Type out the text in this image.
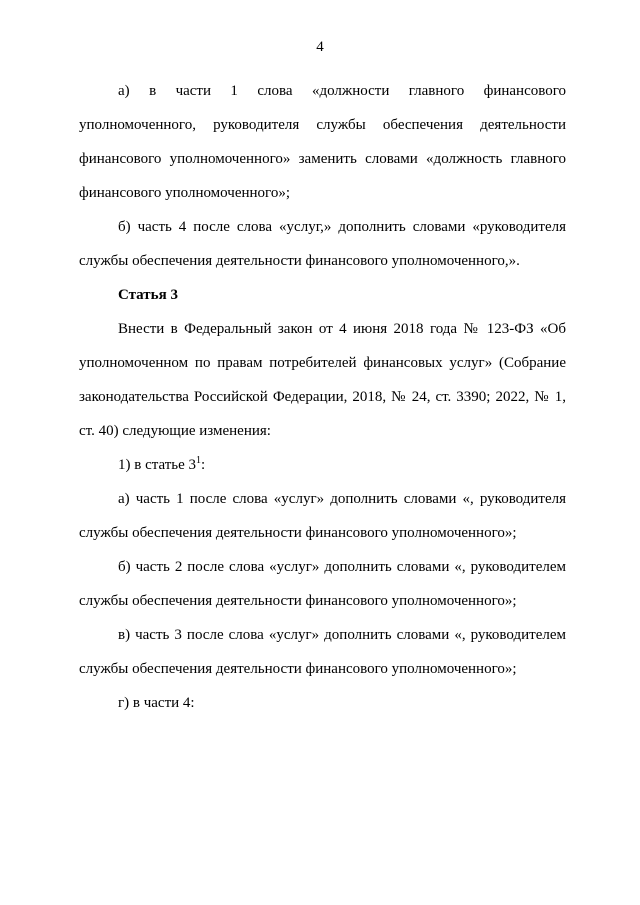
4

а) в части 1 слова «должности главного финансового уполномоченного, руководителя службы обеспечения деятельности финансового уполномоченного» заменить словами «должность главного финансового уполномоченного»;

б) часть 4 после слова «услуг,» дополнить словами «руководителя службы обеспечения деятельности финансового уполномоченного,».

Статья 3

Внести в Федеральный закон от 4 июня 2018 года № 123-ФЗ «Об уполномоченном по правам потребителей финансовых услуг» (Собрание законодательства Российской Федерации, 2018, № 24, ст. 3390; 2022, № 1, ст. 40) следующие изменения:

1) в статье $3^1$:

а) часть 1 после слова «услуг» дополнить словами «, руководителя службы обеспечения деятельности финансового уполномоченного»;

б) часть 2 после слова «услуг» дополнить словами «, руководителем службы обеспечения деятельности финансового уполномоченного»;

в) часть 3 после слова «услуг» дополнить словами «, руководителем службы обеспечения деятельности финансового уполномоченного»;

г) в части 4:
